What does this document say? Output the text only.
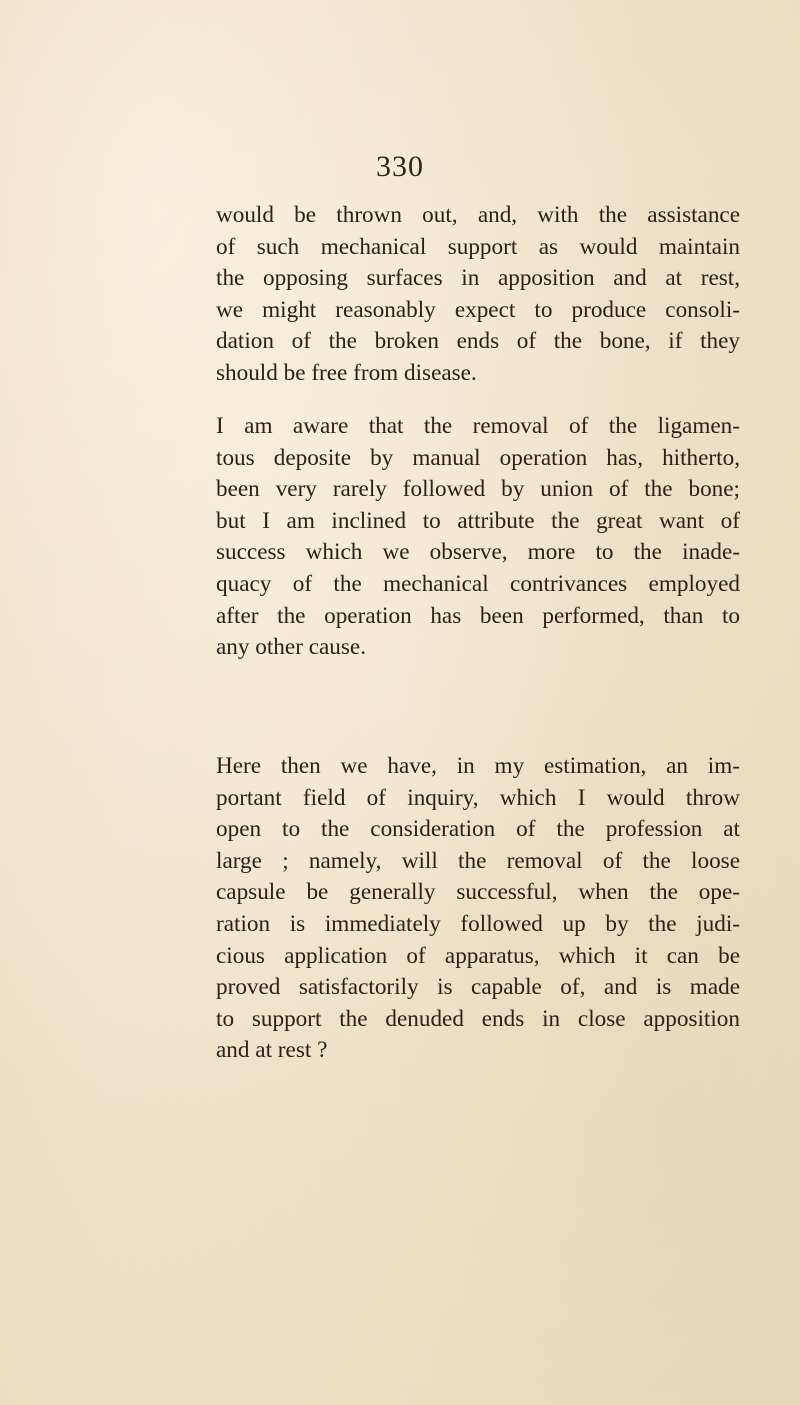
330
would be thrown out, and, with the assistance
of such mechanical support as would maintain
the opposing surfaces in apposition and at rest,
we might reasonably expect to produce consoli-
dation of the broken ends of the bone, if they
should be free from disease.
I am aware that the removal of the ligamen-
tous deposite by manual operation has, hitherto,
been very rarely followed by union of the bone;
but I am inclined to attribute the great want of
success which we observe, more to the inade-
quacy of the mechanical contrivances employed
after the operation has been performed, than to
any other cause.
Here then we have, in my estimation, an im-
portant field of inquiry, which I would throw
open to the consideration of the profession at
large ; namely, will the removal of the loose
capsule be generally successful, when the ope-
ration is immediately followed up by the judi-
cious application of apparatus, which it can be
proved satisfactorily is capable of, and is made
to support the denuded ends in close apposition
and at rest ?
